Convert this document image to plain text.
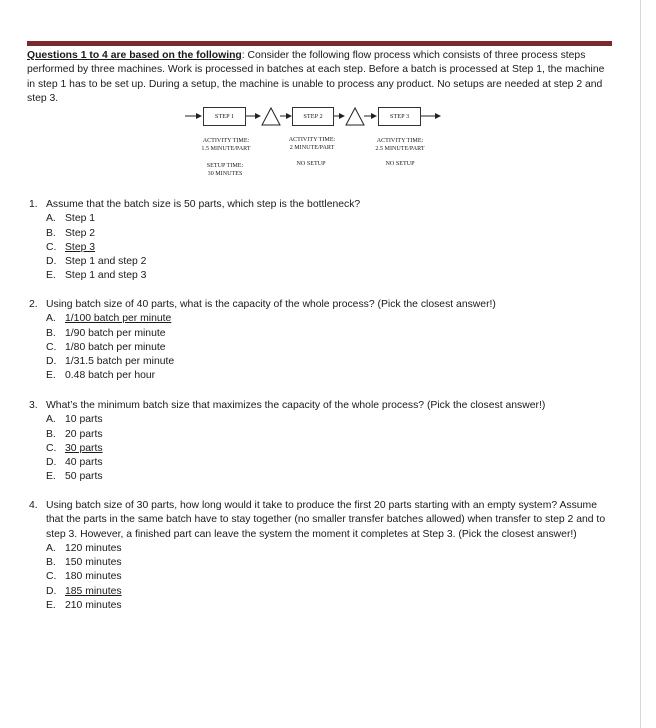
Questions 1 to 4 are based on the following: Consider the following flow process which consists of three process steps performed by three machines. Work is processed in batches at each step. Before a batch is processed at Step 1, the machine in step 1 has to be set up. During a setup, the machine is unable to process any product. No setups are needed at step 2 and step 3.
STEP 1	STEP 2	STEP 3
ACTIVITY TIME:
1.5 MINUTE/PART
ACTIVITY TIME:
2 MINUTE/PART
ACTIVITY TIME:
2.5 MINUTE/PART
SETUP TIME:
30 MINUTES
NO SETUP	NO SETUP
1. Assume that the batch size is 50 parts, which step is the bottleneck?
A. Step 1
B. Step 2
C. Step 3
D. Step 1 and step 2
E. Step 1 and step 3
2. Using batch size of 40 parts, what is the capacity of the whole process? (Pick the closest answer!)
A. 1/100 batch per minute
B. 1/90 batch per minute
C. 1/80 batch per minute
D. 1/31.5 batch per minute
E. 0.48 batch per hour
3. What’s the minimum batch size that maximizes the capacity of the whole process? (Pick the closest answer!)
A. 10 parts
B. 20 parts
C. 30 parts
D. 40 parts
E. 50 parts
4. Using batch size of 30 parts, how long would it take to produce the first 20 parts starting with an empty system? Assume that the parts in the same batch have to stay together (no smaller transfer batches allowed) when transfer to step 2 and to step 3. However, a finished part can leave the system the moment it completes at Step 3. (Pick the closest answer!)
A. 120 minutes
B. 150 minutes
C. 180 minutes
D. 185 minutes
E. 210 minutes
